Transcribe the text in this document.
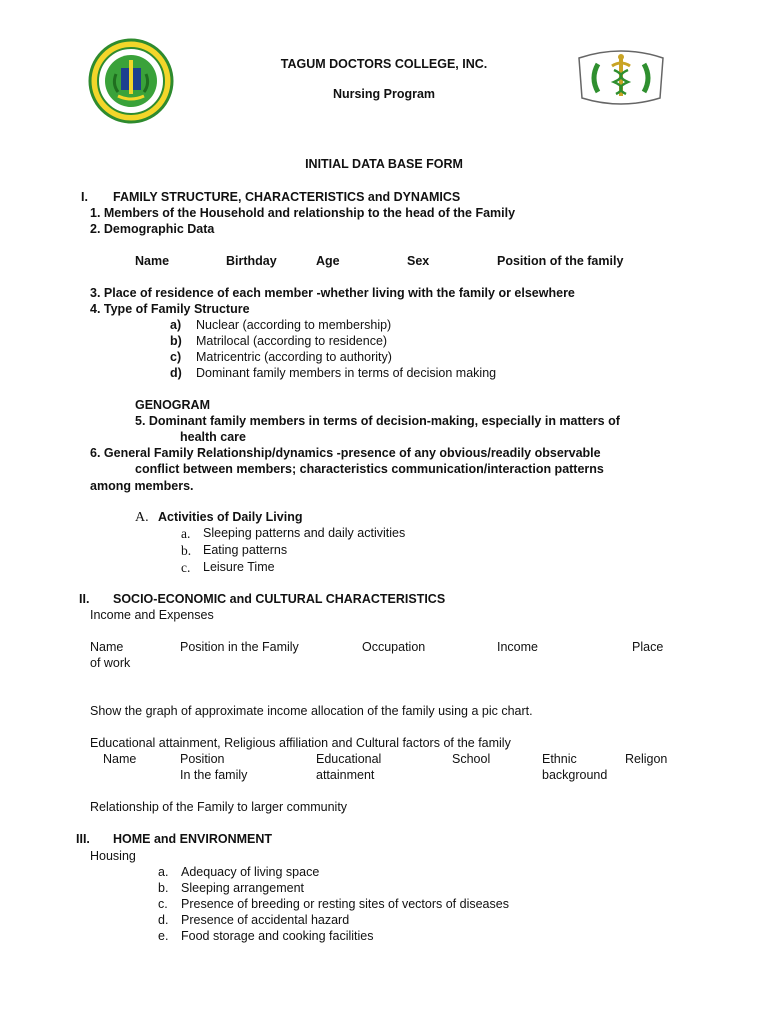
TAGUM DOCTORS COLLEGE, INC.
Nursing Program
INITIAL DATA BASE FORM
I. FAMILY STRUCTURE, CHARACTERISTICS and DYNAMICS
1. Members of the Household and relationship to the head of the Family
2. Demographic Data
Name	Birthday	Age	Sex	Position of the family
3. Place of residence of each member -whether living with the family or elsewhere
4. Type of Family Structure
a) Nuclear (according to membership)
b) Matrilocal (according to residence)
c) Matricentric (according to authority)
d) Dominant family members in terms of decision making
GENOGRAM
5. Dominant family members in terms of decision-making, especially in matters of
health care
6. General Family Relationship/dynamics -presence of any obvious/readily observable
conflict between members; characteristics communication/interaction patterns
among members.
A. Activities of Daily Living
a. Sleeping patterns and daily activities
b. Eating patterns
c. Leisure Time
II. SOCIO-ECONOMIC and CULTURAL CHARACTERISTICS
Income and Expenses
Name	Position in the Family	Occupation	Income	Place
of work
Show the graph of approximate income allocation of the family using a pic chart.
Educational attainment, Religious affiliation and Cultural factors of the family
Name	Position	Educational	School	Ethnic	Religon
In the family	attainment	background
Relationship of the Family to larger community
III. HOME and ENVIRONMENT
Housing
a. Adequacy of living space
b. Sleeping arrangement
c. Presence of breeding or resting sites of vectors of diseases
d. Presence of accidental hazard
e. Food storage and cooking facilities
